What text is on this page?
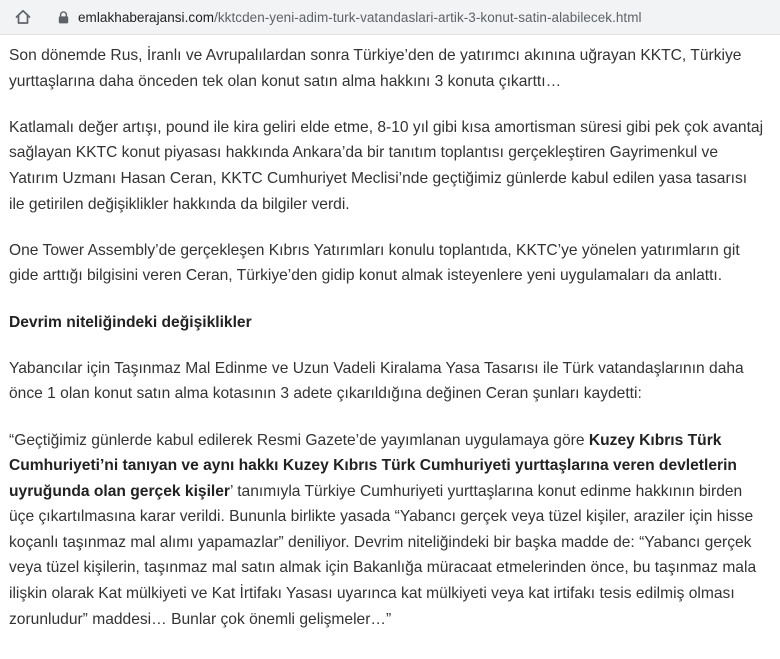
emlakhaberajansi.com/kktcden-yeni-adim-turk-vatandaslari-artik-3-konut-satin-alabilecek.html

Son dönemde Rus, İranlı ve Avrupalılardan sonra Türkiye’den de yatırımcı akınına uğrayan KKTC, Türkiye yurttaşlarına daha önceden tek olan konut satın alma hakkını 3 konuta çıkarttı…

Katlamalı değer artışı, pound ile kira geliri elde etme, 8-10 yıl gibi kısa amortisman süresi gibi pek çok avantaj sağlayan KKTC konut piyasası hakkında Ankara’da bir tanıtım toplantısı gerçekleştiren Gayrimenkul ve Yatırım Uzmanı Hasan Ceran, KKTC Cumhuriyet Meclisi’nde geçtiğimiz günlerde kabul edilen yasa tasarısı ile getirilen değişiklikler hakkında da bilgiler verdi.

One Tower Assembly’de gerçekleşen Kıbrıs Yatırımları konulu toplantıda, KKTC’ye yönelen yatırımların git gide arttığı bilgisini veren Ceran, Türkiye’den gidip konut almak isteyenlere yeni uygulamaları da anlattı.

Devrim niteliğindeki değişiklikler

Yabancılar için Taşınmaz Mal Edinme ve Uzun Vadeli Kiralama Yasa Tasarısı ile Türk vatandaşlarının daha önce 1 olan konut satın alma kotasının 3 adete çıkarıldığına değinen Ceran şunları kaydetti:

“Geçtiğimiz günlerde kabul edilerek Resmi Gazete’de yayımlanan uygulamaya göre Kuzey Kıbrıs Türk Cumhuriyeti’ni tanıyan ve aynı hakkı Kuzey Kıbrıs Türk Cumhuriyeti yurttaşlarına veren devletlerin uyruğunda olan gerçek kişiler’ tanımıyla Türkiye Cumhuriyeti yurttaşlarına konut edinme hakkının birden üçe çıkartılmasına karar verildi. Bununla birlikte yasada “Yabancı gerçek veya tüzel kişiler, araziler için hisse koçanlı taşınmaz mal alımı yapamazlar” deniliyor. Devrim niteliğindeki bir başka madde de: “Yabancı gerçek veya tüzel kişilerin, taşınmaz mal satın almak için Bakanlığa müracaat etmelerinden önce, bu taşınmaz mala ilişkin olarak Kat mülkiyeti ve Kat İrtifakı Yasası uyarınca kat mülkiyeti veya kat irtifakı tesis edilmiş olması zorunludur” maddesi… Bunlar çok önemli gelişmeler…”
